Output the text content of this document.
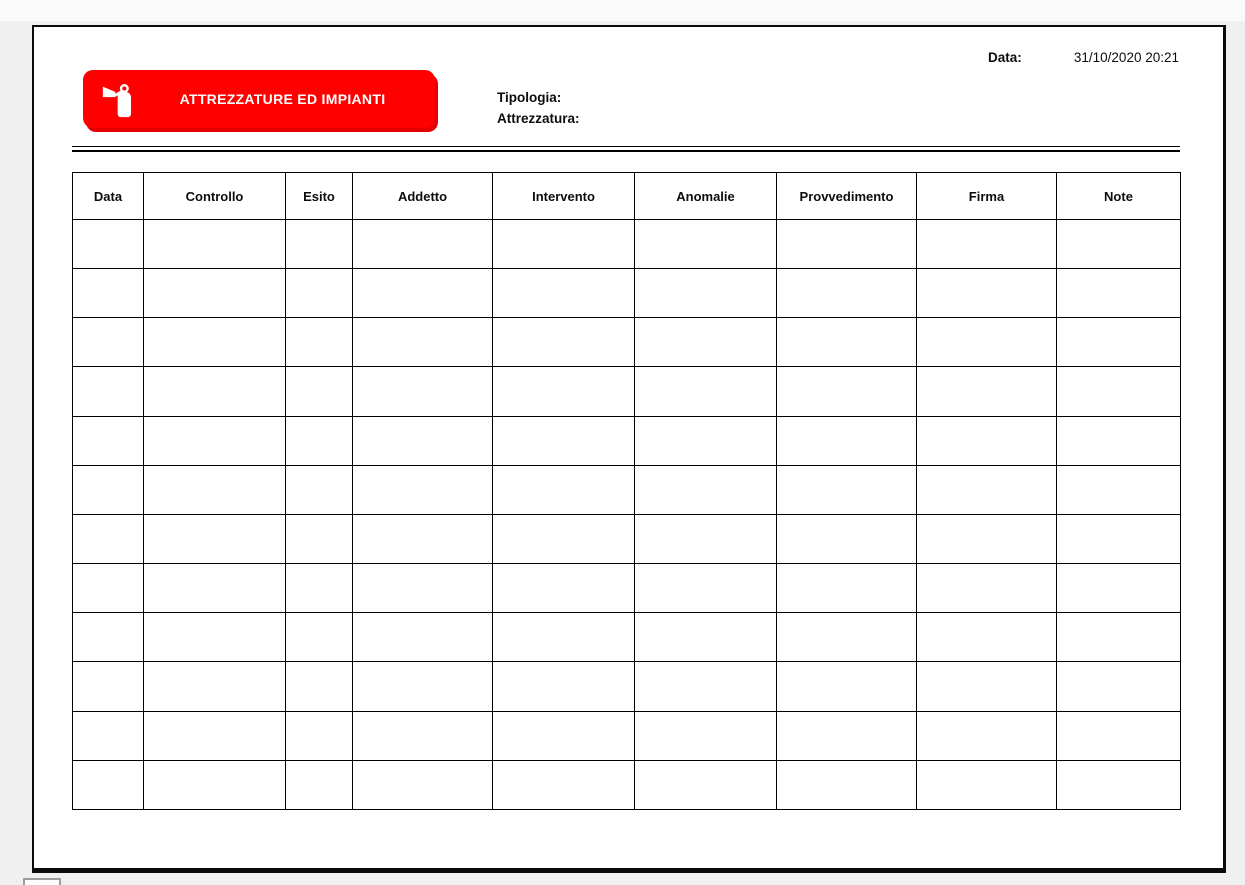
Data:	31/10/2020 20:21
ATTREZZATURE ED IMPIANTI	Tipologia:
Attrezzatura:
Data	Controllo	Esito	Addetto	Intervento	Anomalie	Provvedimento	Firma	Note
